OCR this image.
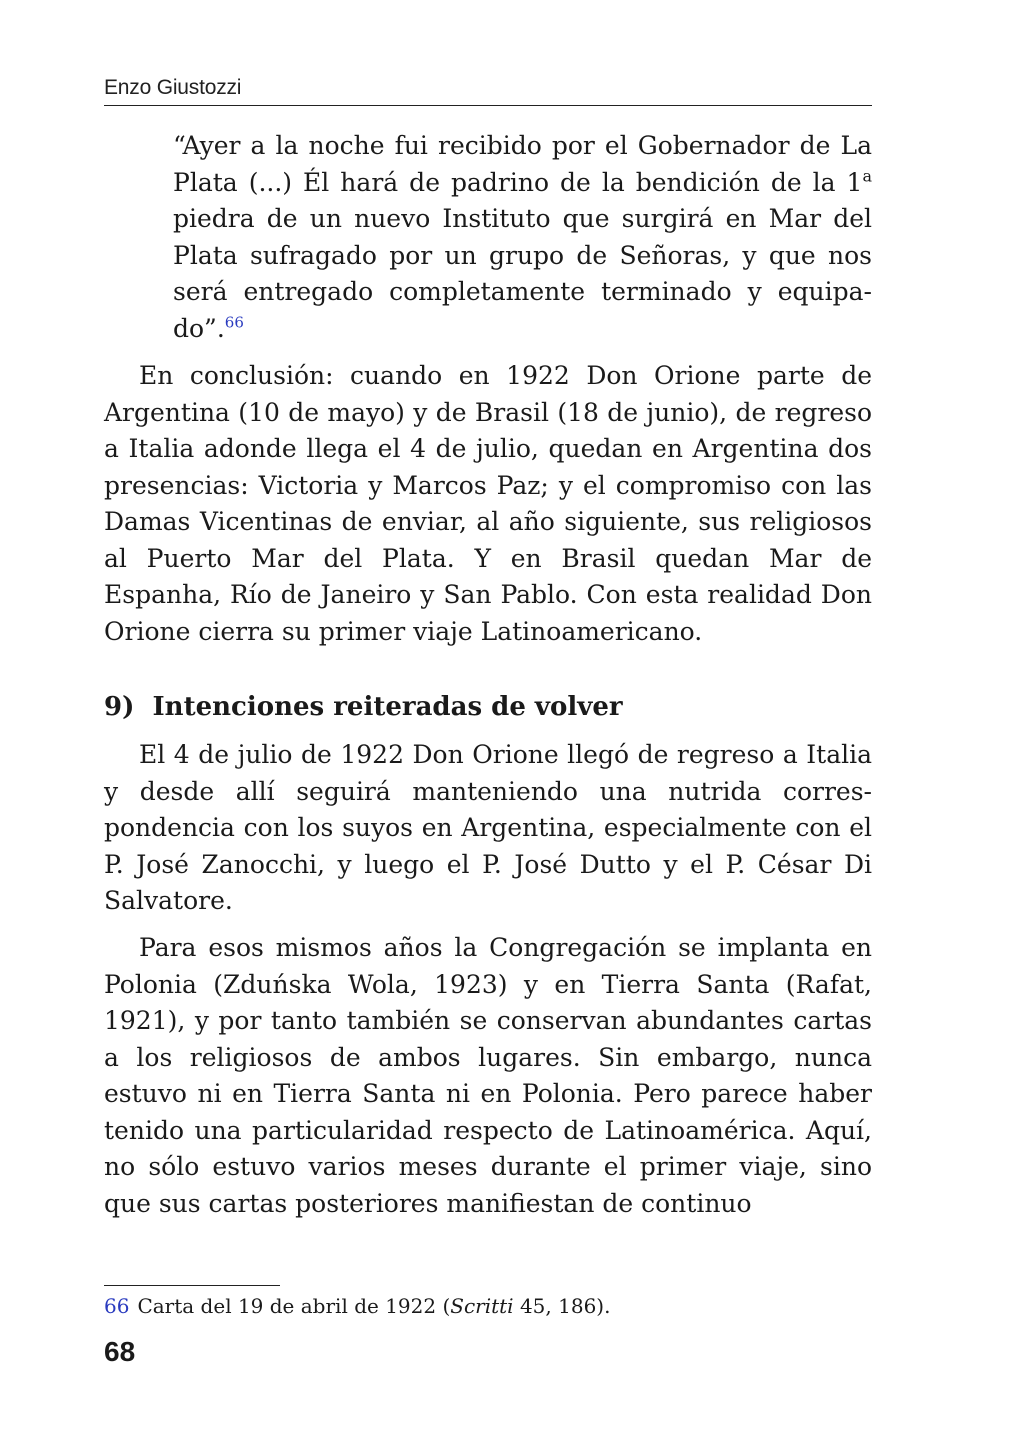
Enzo Giustozzi
“Ayer a la noche fui recibido por el Gobernador de La Plata (...) Él hará de padrino de la bendición de la 1$^a$ piedra de un nuevo Instituto que surgirá en Mar del Plata sufragado por un grupo de Señoras, y que nos será entregado completamente terminado y equipado”.$^{66}$
En conclusión: cuando en 1922 Don Orione parte de Argentina (10 de mayo) y de Brasil (18 de junio), de regreso a Italia adonde llega el 4 de julio, quedan en Argentina dos presencias: Victoria y Marcos Paz; y el compromiso con las Damas Vicentinas de enviar, al año siguiente, sus religiosos al Puerto Mar del Plata. Y en Brasil quedan Mar de Espanha, Río de Janeiro y San Pablo. Con esta realidad Don Orione cierra su primer viaje Latinoamericano.
9) Intenciones reiteradas de volver
El 4 de julio de 1922 Don Orione llegó de regreso a Italia y desde allí seguirá manteniendo una nutrida correspondencia con los suyos en Argentina, especialmente con el P. José Zanocchi, y luego el P. José Dutto y el P. César Di Salvatore.
Para esos mismos años la Congregación se implanta en Polonia (Zduńska Wola, 1923) y en Tierra Santa (Rafat, 1921), y por tanto también se conservan abundantes cartas a los religiosos de ambos lugares. Sin embargo, nunca estuvo ni en Tierra Santa ni en Polonia. Pero parece haber tenido una particularidad respecto de Latinoamérica. Aquí, no sólo estuvo varios meses durante el primer viaje, sino que sus cartas posteriores manifiestan de continuo
66 Carta del 19 de abril de 1922 (Scritti 45, 186).
68
